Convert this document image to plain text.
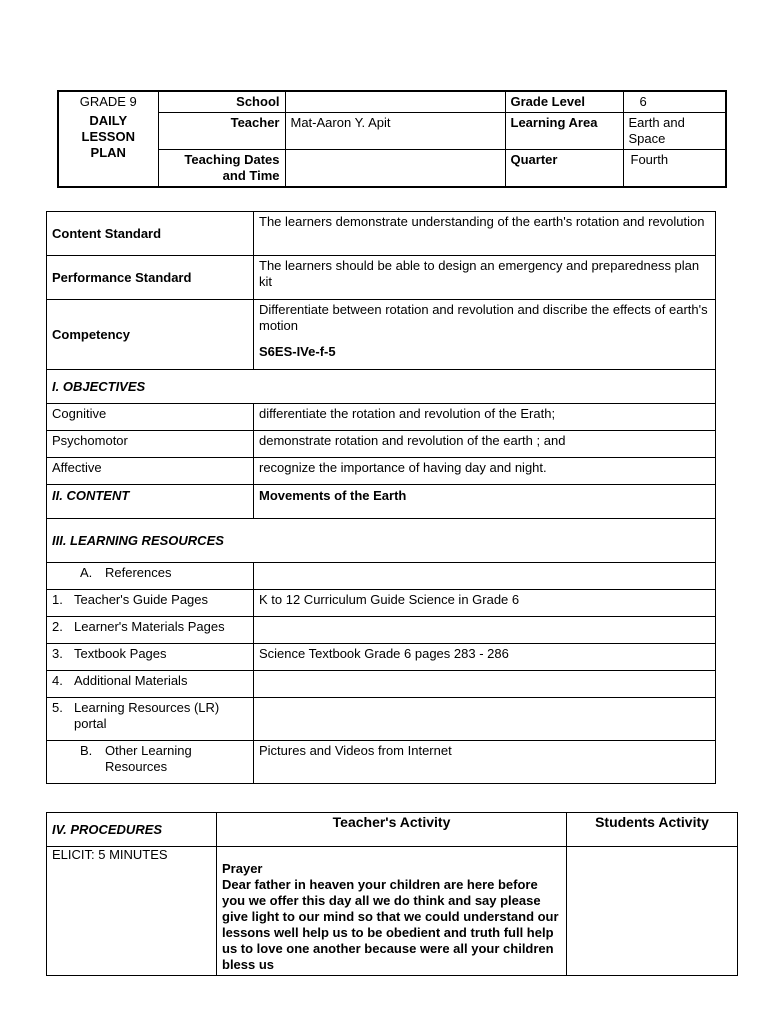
GRADE 9	School		Grade Level	6
DAILY LESSON PLAN	Teacher	Mat-Aaron Y. Apit	Learning Area	Earth and Space
	Teaching Dates and Time		Quarter	Fourth
Content Standard	The learners demonstrate understanding of the earth's rotation and revolution
Performance Standard	The learners should be able to design an emergency and preparedness plan kit
Competency	Differentiate between rotation and revolution and discribe the effects of earth's motion
S6ES-IVe-f-5

I. OBJECTIVES	
Cognitive	differentiate the rotation and revolution of the Erath;
Psychomotor	demonstrate rotation and revolution of the earth ; and
Affective	recognize the importance of having day and night.
II. CONTENT	Movements of the Earth
III. LEARNING RESOURCES	

A. References	

1. Teacher's Guide Pages	K to 12 Curriculum Guide Science in Grade 6

2. Learner's Materials Pages	

3. Textbook Pages	Science Textbook Grade 6 pages 283 - 286

4. Additional Materials	

5. Learning Resources (LR) portal	

B. Other Learning Resources	Pictures and Videos from Internet
IV. PROCEDURES	Teacher's Activity	Students Activity
ELICIT: 5 MINUTES	Prayer
Dear father in heaven your children are here before you we offer this day all we do think and say please give light to our mind so that we could understand our lessons well help us to be obedient and truth full help us to love one another because were all your children bless us	
